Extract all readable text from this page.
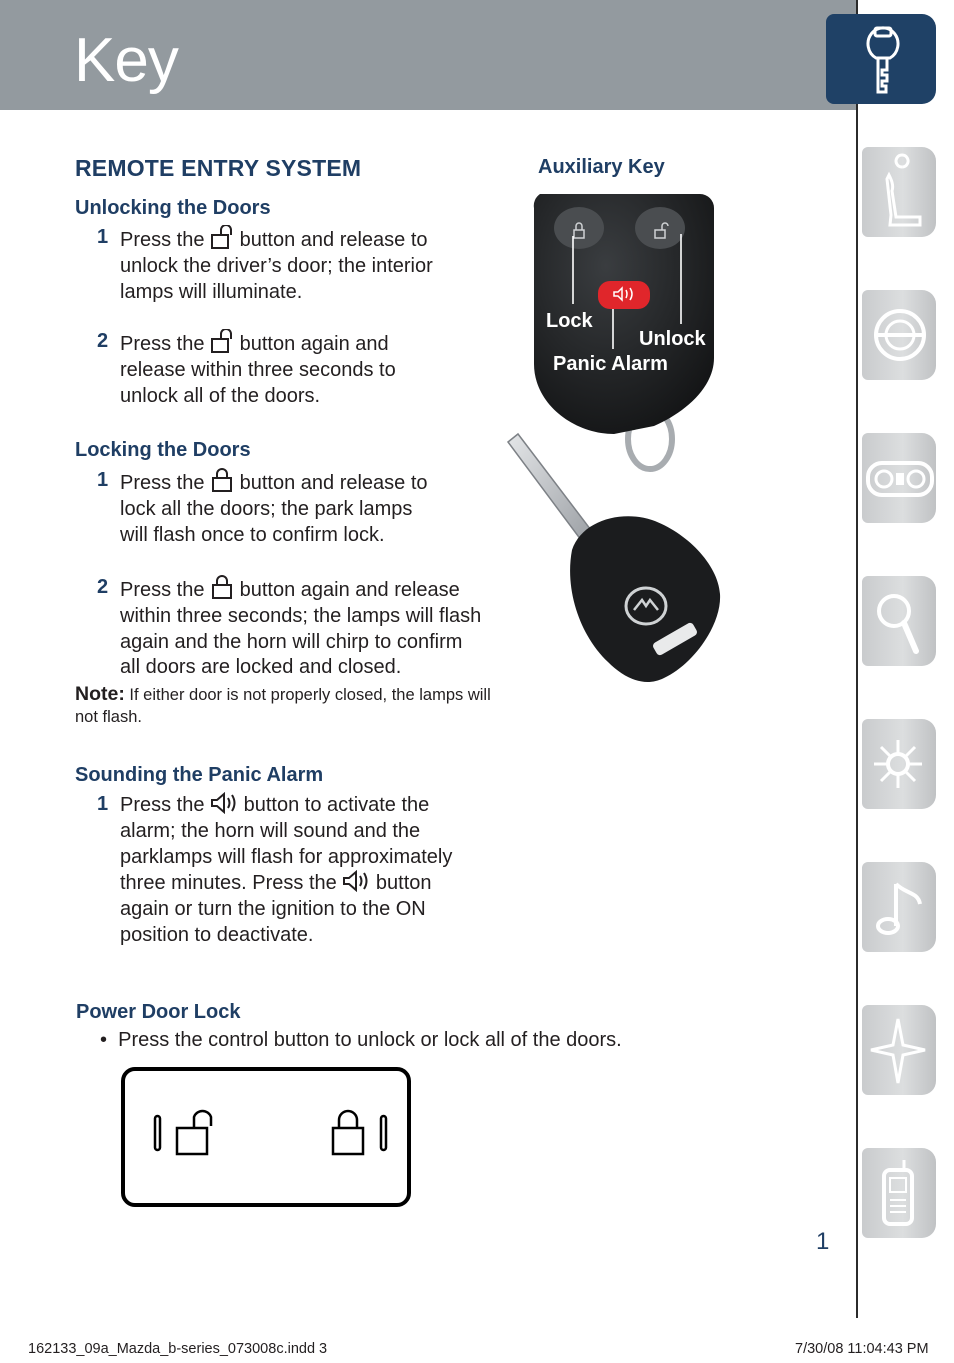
Key
REMOTE ENTRY SYSTEM
Unlocking the Doors
1 Press the button and release to
unlock the driver’s door; the interior
lamps will illuminate.
2 Press the button again and
release within three seconds to
unlock all of the doors.
Locking the Doors
1 Press the button and release to
lock all the doors; the park lamps
will flash once to confirm lock.
2 Press the button again and release
within three seconds; the lamps will flash
again and the horn will chirp to confirm
all doors are locked and closed.
Note: If either door is not properly closed, the lamps will not flash.
Sounding the Panic Alarm
1 Press the button to activate the
alarm; the horn will sound and the
parklamps will flash for approximately
three minutes. Press the button
again or turn the ignition to the ON
position to deactivate.
Power Door Lock
•  Press the control button to unlock or lock all of the doors.
Auxiliary Key
Lock
Unlock
Panic Alarm
1
162133_09a_Mazda_b-series_073008c.indd 3	7/30/08 11:04:43 PM
